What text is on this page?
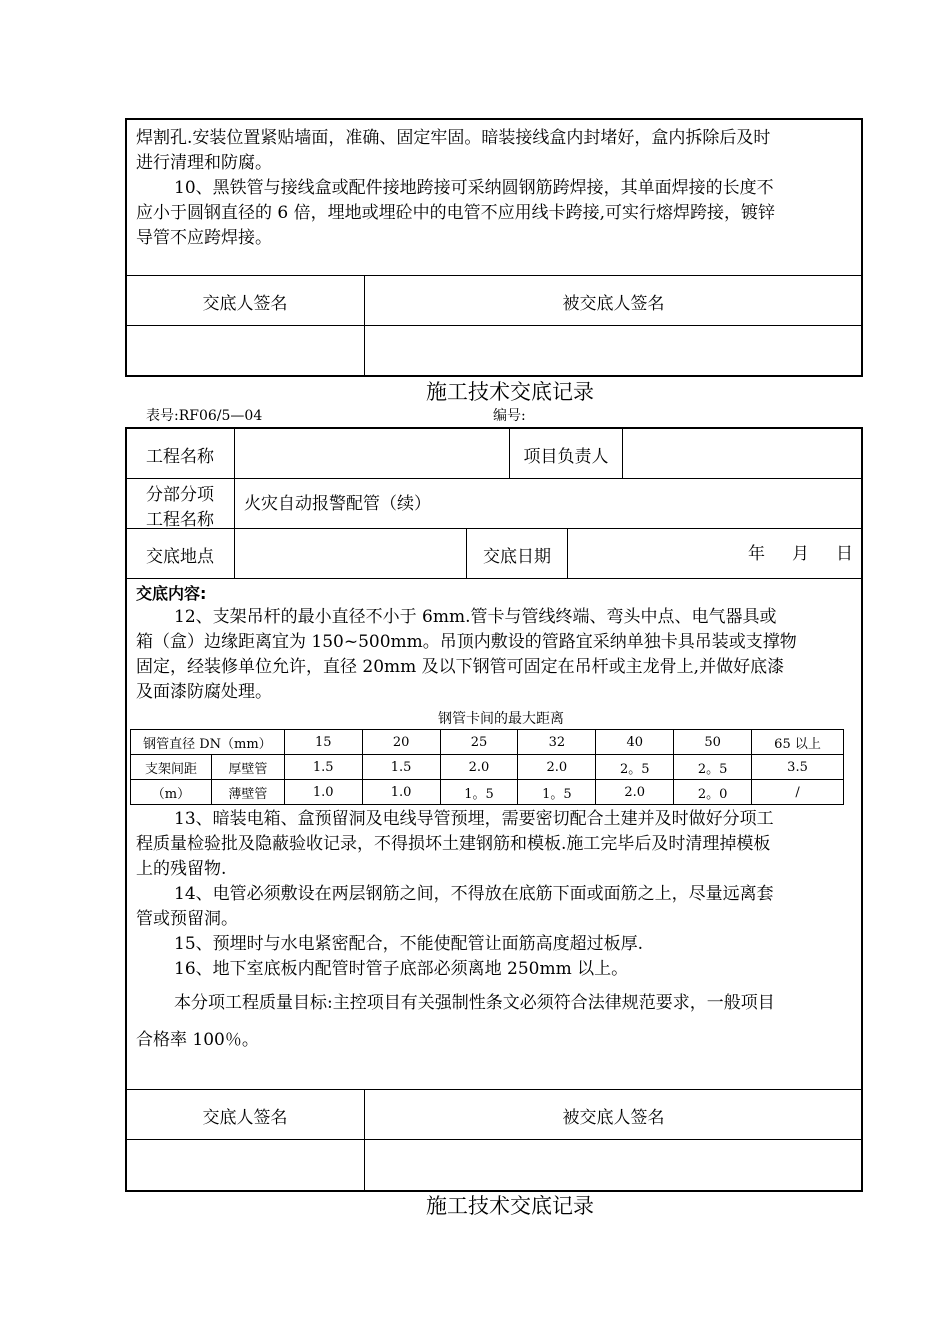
焊割孔.安装位置紧贴墙面，准确、固定牢固。暗装接线盒内封堵好，盒内拆除后及时
进行清理和防腐。
10、黑铁管与接线盒或配件接地跨接可采纳圆钢筋跨焊接，其单面焊接的长度不
应小于圆钢直径的 6 倍，埋地或埋砼中的电管不应用线卡跨接,可实行熔焊跨接，镀锌
导管不应跨焊接。
交底人签名	被交底人签名
施工技术交底记录
表号:RF06/5—04	编号:
工程名称	项目负责人
分部分项
工程名称
火灾自动报警配管（续）
交底地点	交底日期	年 月 日
交底内容:
12、支架吊杆的最小直径不小于 6mm.管卡与管线终端、弯头中点、电气器具或
箱（盒）边缘距离宜为 150~500mm。吊顶内敷设的管路宜采纳单独卡具吊装或支撑物
固定，经装修单位允许，直径 20mm 及以下钢管可固定在吊杆或主龙骨上,并做好底漆
及面漆防腐处理。
钢管卡间的最大距离
钢管直径 DN（mm）		15	20	25	32	40	50	65 以上
支架间距	厚壁管	1.5	1.5	2.0	2.0	2。5	2。5	3.5
（m）	薄壁管	1.0	1.0	1。5	1。5	2.0	2。0	/
13、暗装电箱、盒预留洞及电线导管预埋，需要密切配合土建并及时做好分项工
程质量检验批及隐蔽验收记录，不得损坏土建钢筋和模板.施工完毕后及时清理掉模板
上的残留物.
14、电管必须敷设在两层钢筋之间，不得放在底筋下面或面筋之上，尽量远离套
管或预留洞。
15、预埋时与水电紧密配合，不能使配管让面筋高度超过板厚.
16、地下室底板内配管时管子底部必须离地 250mm 以上。
本分项工程质量目标:主控项目有关强制性条文必须符合法律规范要求，一般项目
合格率 100％。
交底人签名	被交底人签名
施工技术交底记录
